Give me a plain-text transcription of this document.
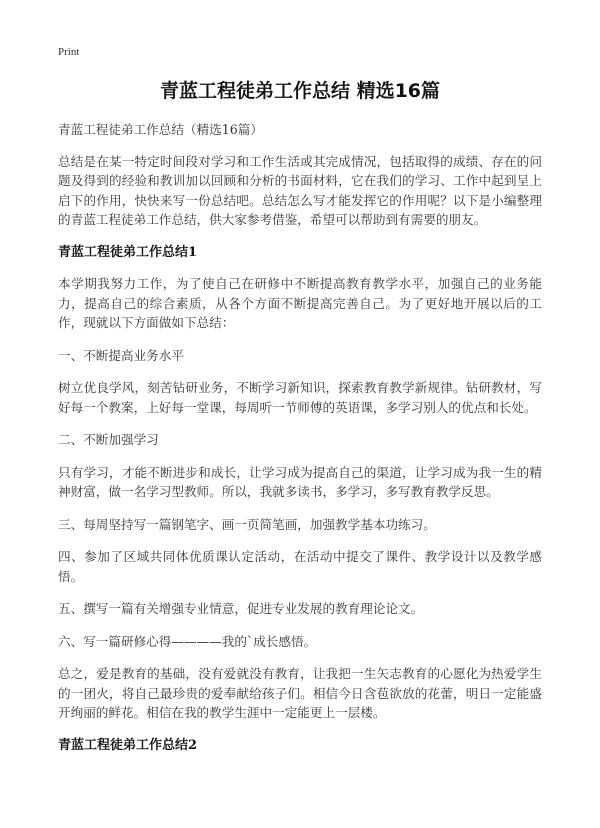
Print
青蓝工程徒弟工作总结 精选16篇

青蓝工程徒弟工作总结（精选16篇）

总结是在某一特定时间段对学习和工作生活或其完成情况，包括取得的成绩、存在的问题及得到的经验和教训加以回顾和分析的书面材料，它在我们的学习、工作中起到呈上启下的作用，快快来写一份总结吧。总结怎么写才能发挥它的作用呢？以下是小编整理的青蓝工程徒弟工作总结，供大家参考借鉴，希望可以帮助到有需要的朋友。

青蓝工程徒弟工作总结1

本学期我努力工作，为了使自己在研修中不断提高教育教学水平，加强自己的业务能力，提高自己的综合素质，从各个方面不断提高完善自己。为了更好地开展以后的工作，现就以下方面做如下总结：

一、不断提高业务水平

树立优良学风，刻苦钻研业务，不断学习新知识，探索教育教学新规律。钻研教材，写好每一个教案，上好每一堂课，每周听一节师傅的英语课，多学习别人的优点和长处。

二、不断加强学习

只有学习，才能不断进步和成长，让学习成为提高自己的渠道，让学习成为我一生的精神财富，做一名学习型教师。所以，我就多读书，多学习，多写教育教学反思。

三、每周坚持写一篇钢笔字、画一页简笔画，加强教学基本功练习。

四、参加了区域共同体优质课认定活动，在活动中提交了课件、教学设计以及教学感悟。

五、撰写一篇有关增强专业情意，促进专业发展的教育理论论文。

六、写一篇研修心得————我的`成长感悟。

总之，爱是教育的基础，没有爱就没有教育，让我把一生矢志教育的心愿化为热爱学生的一团火，将自己最珍贵的爱奉献给孩子们。相信今日含苞欲放的花蕾，明日一定能盛开绚丽的鲜花。相信在我的教学生涯中一定能更上一层楼。

青蓝工程徒弟工作总结2
